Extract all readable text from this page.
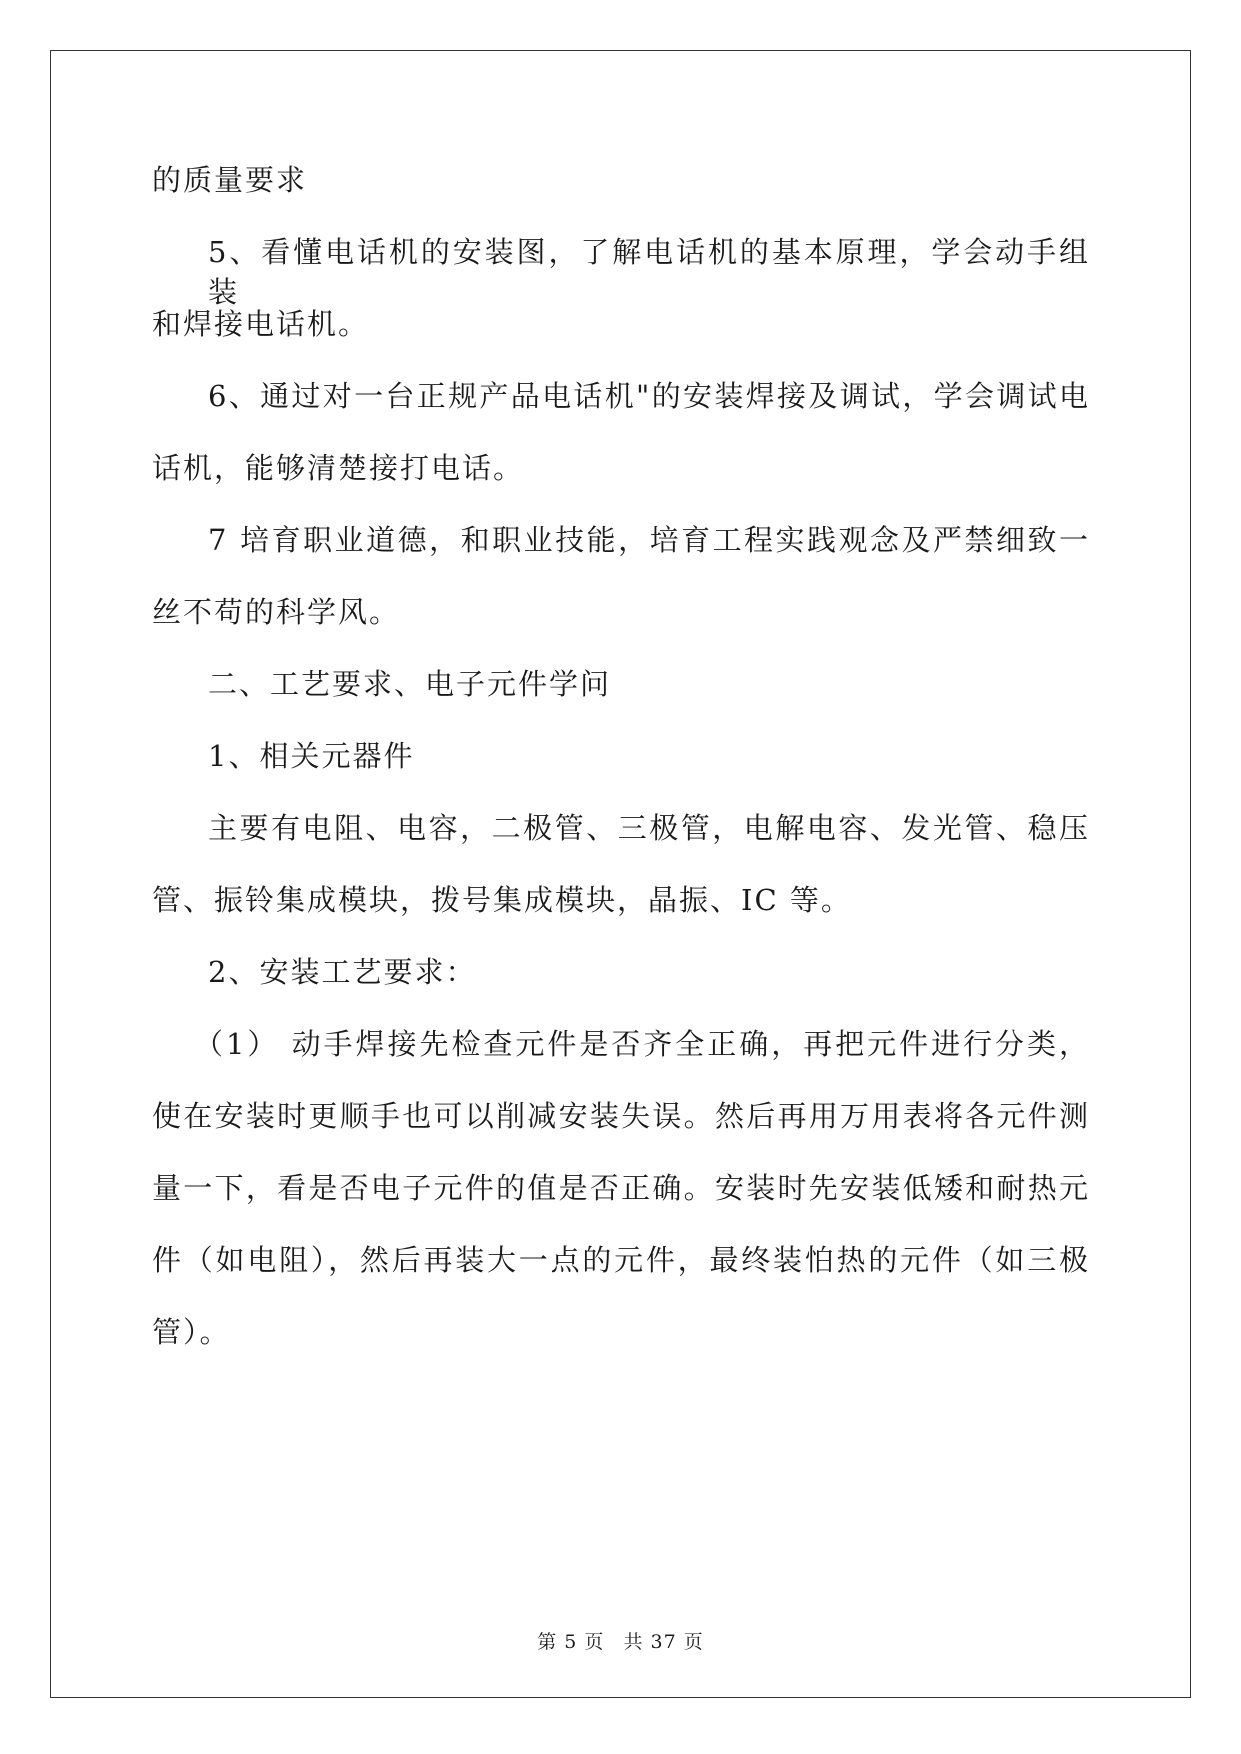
的质量要求
5、看懂电话机的安装图，了解电话机的基本原理，学会动手组装
和焊接电话机。
6、通过对一台正规产品电话机"的安装焊接及调试，学会调试电
话机，能够清楚接打电话。
7 培育职业道德，和职业技能，培育工程实践观念及严禁细致一
丝不苟的科学风。
二、工艺要求、电子元件学问
1、相关元器件
主要有电阻、电容，二极管、三极管，电解电容、发光管、稳压
管、振铃集成模块，拨号集成模块，晶振、IC 等。
2、安装工艺要求：
（1） 动手焊接先检查元件是否齐全正确，再把元件进行分类，
使在安装时更顺手也可以削减安装失误。然后再用万用表将各元件测
量一下，看是否电子元件的值是否正确。安装时先安装低矮和耐热元
件（如电阻），然后再装大一点的元件，最终装怕热的元件（如三极
管）。
第 5 页 共 37 页
